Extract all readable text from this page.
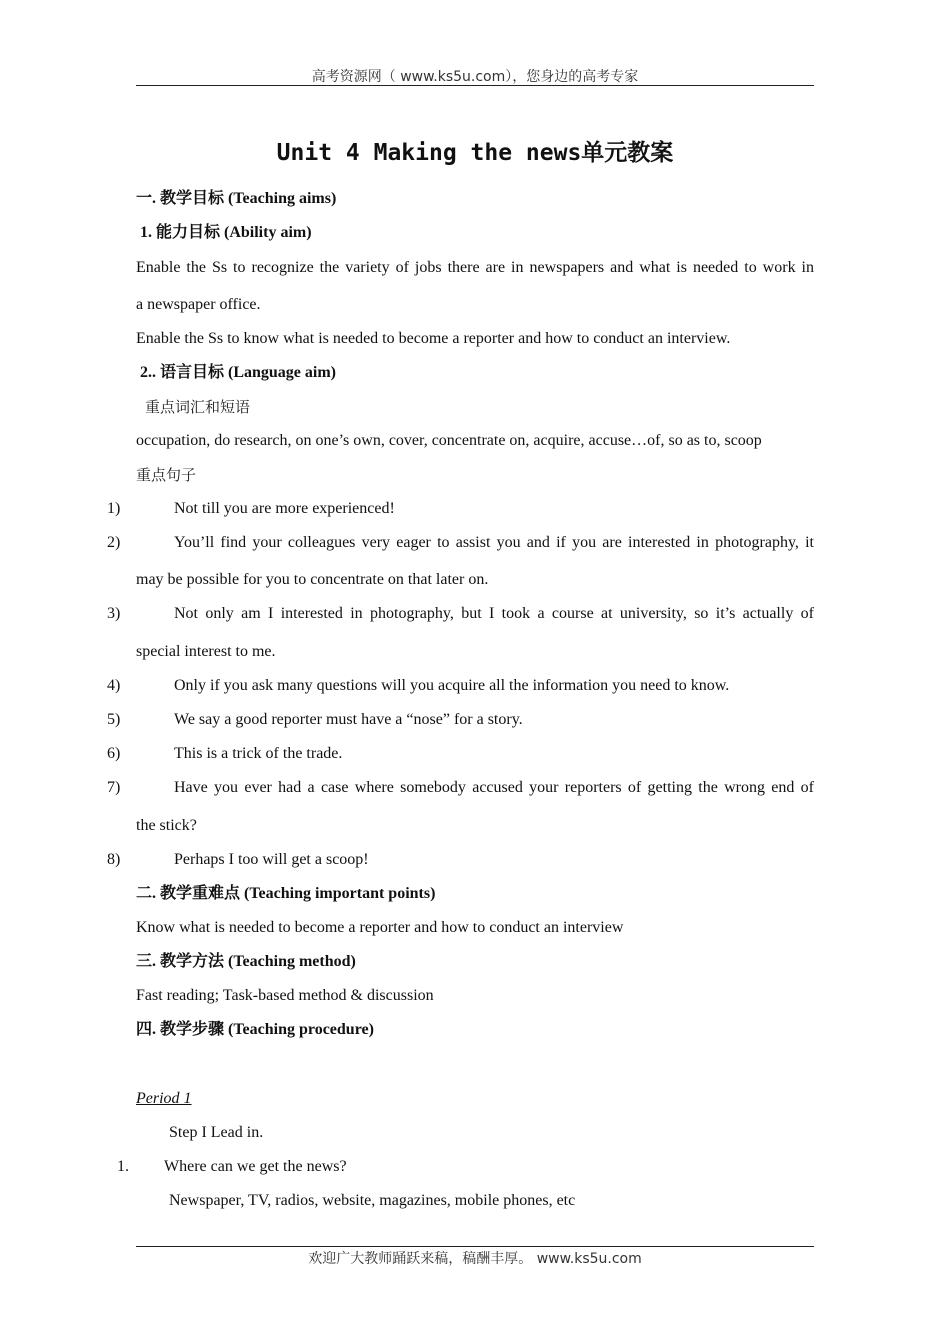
高考资源网（ www.ks5u.com），您身边的高考专家
Unit 4 Making the news单元教案
一. 教学目标 (Teaching aims)
1. 能力目标 (Ability aim)
Enable the Ss to recognize the variety of jobs there are in newspapers and what is needed to work in
a newspaper office.
Enable the Ss to know what is needed to become a reporter and how to conduct an interview.
2.. 语言目标 (Language aim)
重点词汇和短语
occupation, do research, on one’s own, cover, concentrate on, acquire, accuse…of, so as to, scoop
重点句子
1)	Not till you are more experienced!
2)	You’ll find your colleagues very eager to assist you and if you are interested in photography, it
may be possible for you to concentrate on that later on.
3)	Not only am I interested in photography, but I took a course at university, so it’s actually of
special interest to me.
4)	Only if you ask many questions will you acquire all the information you need to know.
5)	We say a good reporter must have a “nose” for a story.
6)	This is a trick of the trade.
7)	Have you ever had a case where somebody accused your reporters of getting the wrong end of
the stick?
8)	Perhaps I too will get a scoop!
二. 教学重难点 (Teaching important points)
Know what is needed to become a reporter and how to conduct an interview
三. 教学方法 (Teaching method)
Fast reading; Task-based method & discussion
四. 教学步骤 (Teaching procedure)
Period 1
Step I Lead in.
1. Where can we get the news?
Newspaper, TV, radios, website, magazines, mobile phones, etc
欢迎广大教师踊跃来稿，稿酬丰厚。 www.ks5u.com
